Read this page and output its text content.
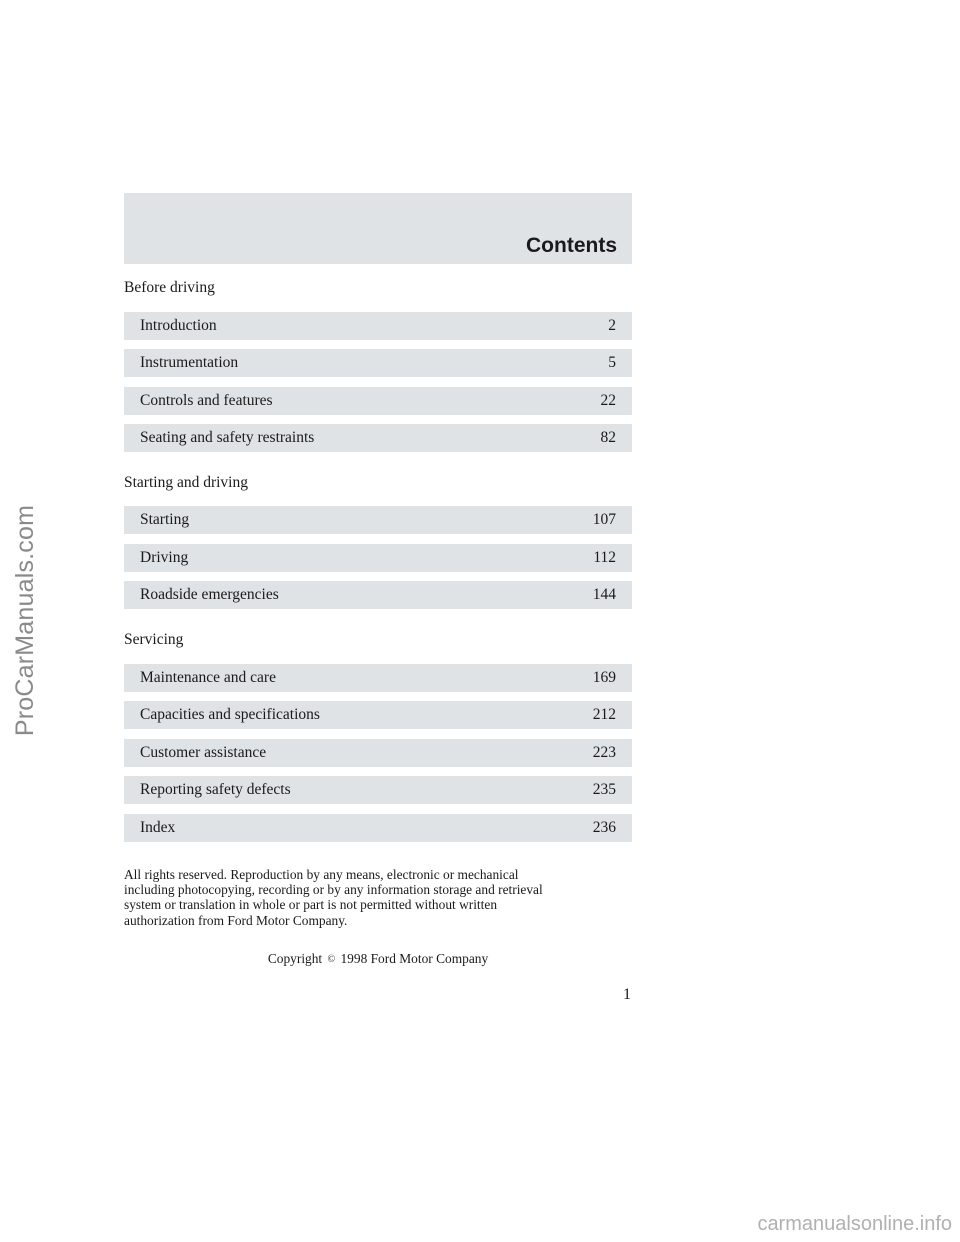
Contents
Before driving
Introduction	2
Instrumentation	5
Controls and features	22
Seating and safety restraints	82
Starting and driving
Starting	107
Driving	112
Roadside emergencies	144
Servicing
Maintenance and care	169
Capacities and specifications	212
Customer assistance	223
Reporting safety defects	235
Index	236
All rights reserved. Reproduction by any means, electronic or mechanical
including photocopying, recording or by any information storage and retrieval
system or translation in whole or part is not permitted without written
authorization from Ford Motor Company.
Copyright © 1998 Ford Motor Company
1
ProCarManuals.com
carmanualsonline.info
